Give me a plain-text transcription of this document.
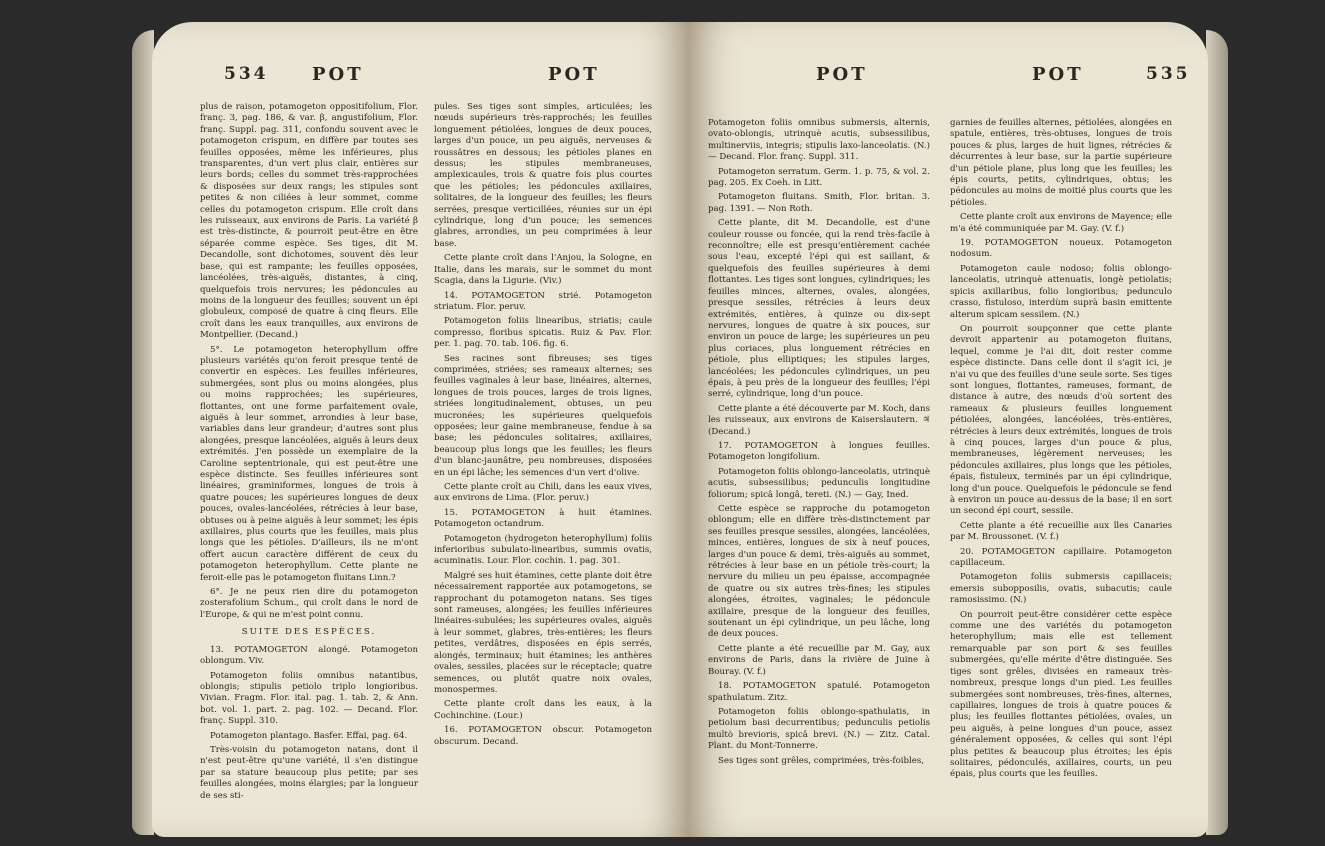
534 POT	POT

plus de raison, potamogeton oppositifolium, Flor. franç. 3, pag. 186, & var. β, angustifolium, Flor. franç. Suppl. pag. 311, confondu souvent avec le potamogeton crispum, en diffère par toutes ses feuilles opposées, même les inférieures, plus transparentes, d'un vert plus clair, entières sur leurs bords; celles du sommet très-rapprochées & disposées sur deux rangs; les stipules sont petites & non ciliées à leur sommet, comme celles du potamogeton crispum. Elle croît dans les ruisseaux, aux environs de Paris. La variété β est très-distincte, & pourroit peut-être en être séparée comme espèce. Ses tiges, dit M. Decandolle, sont dichotomes, souvent dès leur base, qui est rampante; les feuilles opposées, lancéolées, très-aiguës, distantes, à cinq, quelquefois trois nervures; les pédoncules au moins de la longueur des feuilles; souvent un épi globuleux, composé de quatre à cinq fleurs. Elle croît dans les eaux tranquilles, aux environs de Montpellier. (Decand.)

5°. Le potamogeton heterophyllum offre plusieurs variétés qu'on feroit presque tenté de convertir en espèces. Les feuilles inférieures, submergées, sont plus ou moins alongées, plus ou moins rapprochées; les supérieures, flottantes, ont une forme parfaitement ovale, aiguës à leur sommet, arrondies à leur base, variables dans leur grandeur; d'autres sont plus alongées, presque lancéolées, aiguës à leurs deux extrémités. J'en possède un exemplaire de la Caroline septentrionale, qui est peut-être une espèce distincte. Ses feuilles inférieures sont linéaires, graminiformes, longues de trois à quatre pouces; les supérieures longues de deux pouces, ovales-lancéolées, rétrécies à leur base, obtuses ou à peine aiguës à leur sommet; les épis axillaires, plus courts que les feuilles, mais plus longs que les pétioles. D'ailleurs, ils ne m'ont offert aucun caractère différent de ceux du potamogeton heterophyllum. Cette plante ne feroit-elle pas le potamogeton fluitans Linn.?

6°. Je ne peux rien dire du potamogeton zosterafolium Schum., qui croît dans le nord de l'Europe, & qui ne m'est point connu.

SUITE DES ESPÈCES.

13. POTAMOGETON alongé. Potamogeton oblongum. Viv.

Potamogeton foliis omnibus natantibus, oblongis; stipulis petiolo triplo longioribus. Vivian. Fragm. Flor. ital. pag. 1. tab. 2, & Ann. bot. vol. 1. part. 2. pag. 102. — Decand. Flor. franç. Suppl. 310.

Potamogeton plantago. Basfer. Effai, pag. 64.

Très-voisin du potamogeton natans, dont il n'est peut-être qu'une variété, il s'en distingue par sa stature beaucoup plus petite; par ses feuilles alongées, moins élargies; par la longueur de ses sti-

pules. Ses tiges sont simples, articulées; les nœuds supérieurs très-rapprochés; les feuilles longuement pétiolées, longues de deux pouces, larges d'un pouce, un peu aiguës, nerveuses & roussâtres en dessous; les pétioles planes en dessus; les stipules membraneuses, amplexicaules, trois & quatre fois plus courtes que les pétioles; les pédoncules axillaires, solitaires, de la longueur des feuilles; les fleurs serrées, presque verticillées, réunies sur un épi cylindrique, long d'un pouce; les semences glabres, arrondies, un peu comprimées à leur base.

Cette plante croît dans l'Anjou, la Sologne, en Italie, dans les marais, sur le sommet du mont Scagia, dans la Ligurie. (Viv.)

14. POTAMOGETON strié. Potamogeton striatum. Flor. peruv.

Potamogeton foliis linearibus, striatis; caule compresso, floribus spicatis. Ruiz & Pav. Flor. per. 1. pag. 70. tab. 106. fig. 6.

Ses racines sont fibreuses; ses tiges comprimées, striées; ses rameaux alternes; ses feuilles vaginales à leur base, linéaires, alternes, longues de trois pouces, larges de trois lignes, striées longitudinalement, obtuses, un peu mucronées; les supérieures quelquefois opposées; leur gaine membraneuse, fendue à sa base; les pédoncules solitaires, axillaires, beaucoup plus longs que les feuilles; les fleurs d'un blanc-jaunâtre, peu nombreuses, disposées en un épi lâche; les semences d'un vert d'olive.

Cette plante croît au Chili, dans les eaux vives, aux environs de Lima. (Flor. peruv.)

15. POTAMOGETON à huit étamines. Potamogeton octandrum.

Potamogeton (hydrogeton heterophyllum) foliis inferioribus subulato-linearibus, summis ovatis, acuminatis. Lour. Flor. cochin. 1. pag. 301.

Malgré ses huit étamines, cette plante doit être nécessairement rapportée aux potamogetons, se rapprochant du potamogeton natans. Ses tiges sont rameuses, alongées; les feuilles inférieures linéaires-subulées; les supérieures ovales, aiguës à leur sommet, glabres, très-entières; les fleurs petites, verdâtres, disposées en épis serrés, alongés, terminaux; huit étamines; les anthères ovales, sessiles, placées sur le réceptacle; quatre semences, ou plutôt quatre noix ovales, monospermes.

Cette plante croît dans les eaux, à la Cochinchine. (Lour.)

16. POTAMOGETON obscur. Potamogeton obscurum. Decand.

POT	POT	535

Potamogeton foliis omnibus submersis, alternis, ovato-oblongis, utrinquè acutis, subsessilibus, multinerviis, integris; stipulis laxo-lanceolatis. (N.) — Decand. Flor. franç. Suppl. 311.

Potamogeton serratum. Germ. 1. p. 75, & vol. 2. pag. 205. Ex Coeh. in Litt.

Potamogeton fluitans. Smith, Flor. britan. 3. pag. 1391. — Non Roth.

Cette plante, dit M. Decandolle, est d'une couleur rousse ou foncée, qui la rend très-facile à reconnoître; elle est presqu'entièrement cachée sous l'eau, excepté l'épi qui est saillant, & quelquefois des feuilles supérieures à demi flottantes. Les tiges sont longues, cylindriques; les feuilles minces, alternes, ovales, alongées, presque sessiles, rétrécies à leurs deux extrémités, entières, à quinze ou dix-sept nervures, longues de quatre à six pouces, sur environ un pouce de large; les supérieures un peu plus coriaces, plus longuement rétrécies en pétiole, plus elliptiques; les stipules larges, lancéolées; les pédoncules cylindriques, un peu épais, à peu près de la longueur des feuilles; l'épi serré, cylindrique, long d'un pouce.

Cette plante a été découverte par M. Koch, dans les ruisseaux, aux environs de Kaiserslautern. ♃ (Decand.)

17. POTAMOGETON à longues feuilles. Potamogeton longifolium.

Potamogeton foliis oblongo-lanceolatis, utrinquè acutis, subsessilibus; pedunculis longitudine foliorum; spicâ longâ, tereti. (N.) — Gay, Ined.

Cette espèce se rapproche du potamogeton oblongum; elle en diffère très-distinctement par ses feuilles presque sessiles, alongées, lancéolées, minces, entières, longues de six à neuf pouces, larges d'un pouce & demi, très-aiguës au sommet, rétrécies à leur base en un pétiole très-court; la nervure du milieu un peu épaisse, accompagnée de quatre ou six autres très-fines; les stipules alongées, étroites, vaginales; le pédoncule axillaire, presque de la longueur des feuilles, soutenant un épi cylindrique, un peu lâche, long de deux pouces.

Cette plante a été recueillie par M. Gay, aux environs de Paris, dans la rivière de Juine à Bouray. (V. f.)

18. POTAMOGETON spatulé. Potamogeton spathulatum. Zitz.

Potamogeton foliis oblongo-spathulatis, in petiolum basi decurrentibus; pedunculis petiolis multò brevioris, spicâ brevi. (N.) — Zitz. Catal. Plant. du Mont-Tonnerre.

Ses tiges sont grêles, comprimées, très-foibles,

garnies de feuilles alternes, pétiolées, alongées en spatule, entières, très-obtuses, longues de trois pouces & plus, larges de huit lignes, rétrécies & décurrentes à leur base, sur la partie supérieure d'un pétiole plane, plus long que les feuilles; les épis courts, petits, cylindriques, obtus; les pédoncules au moins de moitié plus courts que les pétioles.

Cette plante croît aux environs de Mayence; elle m'a été communiquée par M. Gay. (V. f.)

19. POTAMOGETON noueux. Potamogeton nodosum.

Potamogeton caule nodoso; foliis oblongo-lanceolatis, utrinquè attenuatis, longè petiolatis; spicis axillaribus, folio longioribus; pedunculo crasso, fistuloso, interdùm suprà basin emittente alterum spicam sessilem. (N.)

On pourroit soupçonner que cette plante devroit appartenir au potamogeton fluitans, lequel, comme je l'ai dit, doit rester comme espèce distincte. Dans celle dont il s'agit ici, je n'ai vu que des feuilles d'une seule sorte. Ses tiges sont longues, flottantes, rameuses, formant, de distance à autre, des nœuds d'où sortent des rameaux & plusieurs feuilles longuement pétiolées, alongées, lancéolées, très-entières, rétrécies à leurs deux extrémités, longues de trois à cinq pouces, larges d'un pouce & plus, membraneuses, légèrement nerveuses; les pédoncules axillaires, plus longs que les pétioles, épais, fistuleux, terminés par un épi cylindrique, long d'un pouce. Quelquefois le pédoncule se fend à environ un pouce au-dessus de la base; il en sort un second épi court, sessile.

Cette plante a été recueillie aux îles Canaries par M. Broussonet. (V. f.)

20. POTAMOGETON capillaire. Potamogeton capillaceum.

Potamogeton foliis submersis capillaceis; emersis subopposilis, ovatis, subacutis; caule ramosissimo. (N.)

On pourroit peut-être considérer cette espèce comme une des variétés du potamogeton heterophyllum; mais elle est tellement remarquable par son port & ses feuilles submergées, qu'elle mérite d'être distinguée. Ses tiges sont grêles, divisées en rameaux très-nombreux, presque longs d'un pied. Les feuilles submergées sont nombreuses, très-fines, alternes, capillaires, longues de trois à quatre pouces & plus; les feuilles flottantes pétiolées, ovales, un peu aiguës, à peine longues d'un pouce, assez généralement opposées, & celles qui sont l'épi plus petites & beaucoup plus étroites; les épis solitaires, pédonculés, axillaires, courts, un peu épais, plus courts que les feuilles.
